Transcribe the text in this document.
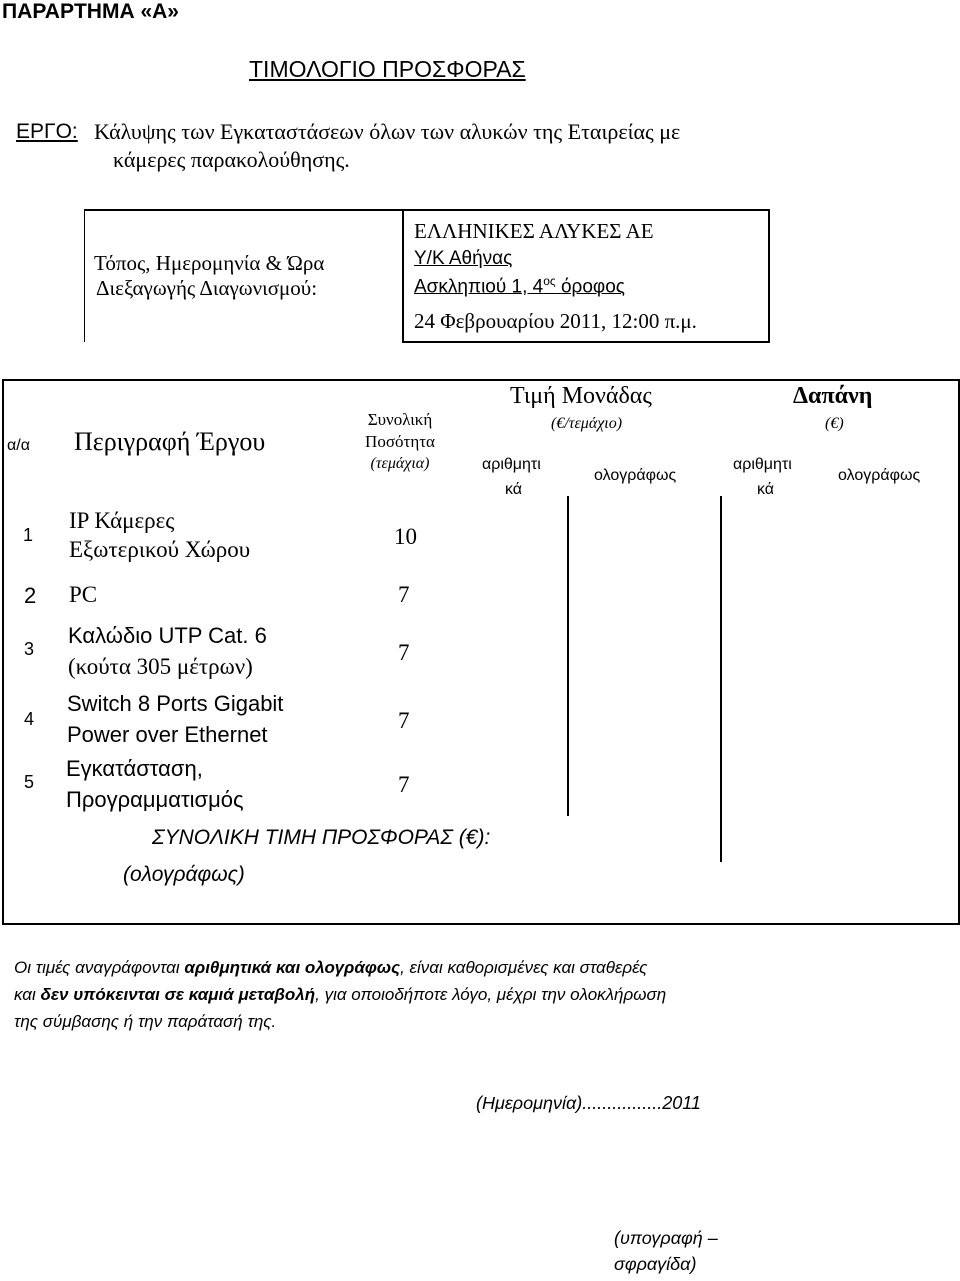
ΠΑΡΑΡΤΗΜΑ «Α»
ΤΙΜΟΛΟΓΙΟ ΠΡΟΣΦΟΡΑΣ
ΕΡΓΟ: Κάλυψης των Εγκαταστάσεων όλων των αλυκών της Εταιρείας με
κάμερες παρακολούθησης.
Τόπος, Ημερομηνία & Ώρα
Διεξαγωγής Διαγωνισμού:
ΕΛΛΗΝΙΚΕΣ ΑΛΥΚΕΣ ΑΕ
Υ/Κ Αθήνας
Ασκληπιού 1, $4^{o\varsigma}$ όροφος
24 Φεβρουαρίου 2011, 12:00 π.μ.
α/α Περιγραφή Έργου
Συνολική
Ποσότητα
(τεμάχια)
Τιμή Μονάδας
(€/τεμάχιο)
αριθμητι
κά
ολογράφως
Δαπάνη
(€)
αριθμητι
κά
ολογράφως
1
IP Κάμερες
Εξωτερικού Χώρου
10
2 PC	7
3
Καλώδιο UTP Cat. 6
(κούτα 305 μέτρων)
7
4
Switch 8 Ports Gigabit
Power over Ethernet
7
5
Εγκατάσταση,
Προγραμματισμός
7
ΣΥΝΟΛΙΚΗ ΤΙΜΗ ΠΡΟΣΦΟΡΑΣ (€):
(ολογράφως)
Οι τιμές αναγράφονται αριθμητικά και ολογράφως, είναι καθορισμένες και σταθερές
και δεν υπόκεινται σε καμιά μεταβολή, για οποιοδήποτε λόγο, μέχρι την ολοκλήρωση
της σύμβασης ή την παράτασή της.
(Ημερομηνία)................2011
(υπογραφή –
σφραγίδα)
